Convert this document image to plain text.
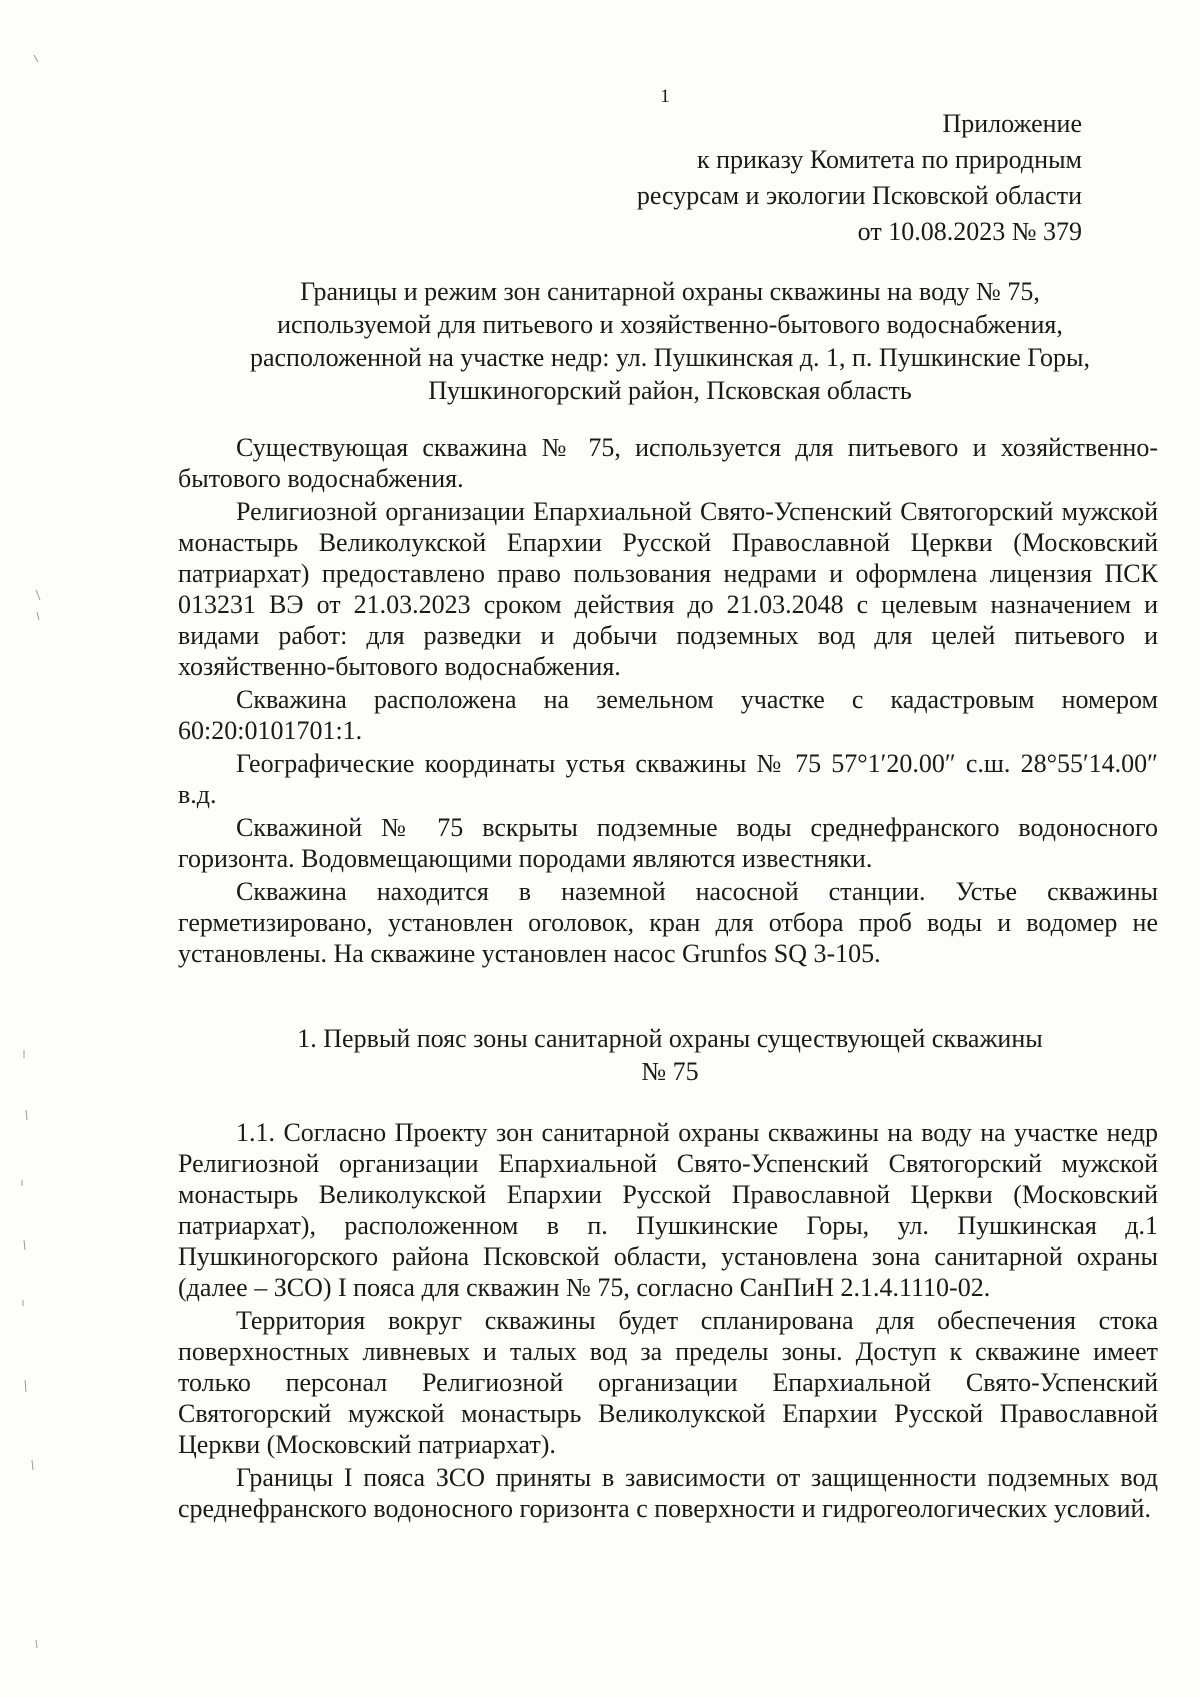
1
Приложение
к приказу Комитета по природным
ресурсам и экологии Псковской области
от 10.08.2023 № 379
Границы и режим зон санитарной охраны скважины на воду № 75,
используемой для питьевого и хозяйственно-бытового водоснабжения,
расположенной на участке недр: ул. Пушкинская д. 1, п. Пушкинские Горы,
Пушкиногорский район, Псковская область

Существующая скважина № 75, используется для питьевого и хозяйственно-бытового водоснабжения.

Религиозной организации Епархиальной Свято-Успенский Святогорский мужской монастырь Великолукской Епархии Русской Православной Церкви (Московский патриархат) предоставлено право пользования недрами и оформлена лицензия ПСК 013231 ВЭ от 21.03.2023 сроком действия до 21.03.2048 с целевым назначением и видами работ: для разведки и добычи подземных вод для целей питьевого и хозяйственно-бытового водоснабжения.

Скважина расположена на земельном участке с кадастровым номером 60:20:0101701:1.

Географические координаты устья скважины № 75 57°1′20.00″ с.ш. 28°55′14.00″ в.д.

Скважиной № 75 вскрыты подземные воды среднефранского водоносного горизонта. Водовмещающими породами являются известняки.

Скважина находится в наземной насосной станции. Устье скважины герметизировано, установлен оголовок, кран для отбора проб воды и водомер не установлены. На скважине установлен насос Grunfos SQ 3-105.

1. Первый пояс зоны санитарной охраны существующей скважины
№ 75

1.1. Согласно Проекту зон санитарной охраны скважины на воду на участке недр Религиозной организации Епархиальной Свято-Успенский Святогорский мужской монастырь Великолукской Епархии Русской Православной Церкви (Московский патриархат), расположенном в п. Пушкинские Горы, ул. Пушкинская д.1 Пушкиногорского района Псковской области, установлена зона санитарной охраны (далее – ЗСО) I пояса для скважин № 75, согласно СанПиН 2.1.4.1110-02.

Территория вокруг скважины будет спланирована для обеспечения стока поверхностных ливневых и талых вод за пределы зоны. Доступ к скважине имеет только персонал Религиозной организации Епархиальной Свято-Успенский Святогорский мужской монастырь Великолукской Епархии Русской Православной Церкви (Московский патриархат).

Границы I пояса ЗСО приняты в зависимости от защищенности подземных вод среднефранского водоносного горизонта с поверхности и гидрогеологических условий.
